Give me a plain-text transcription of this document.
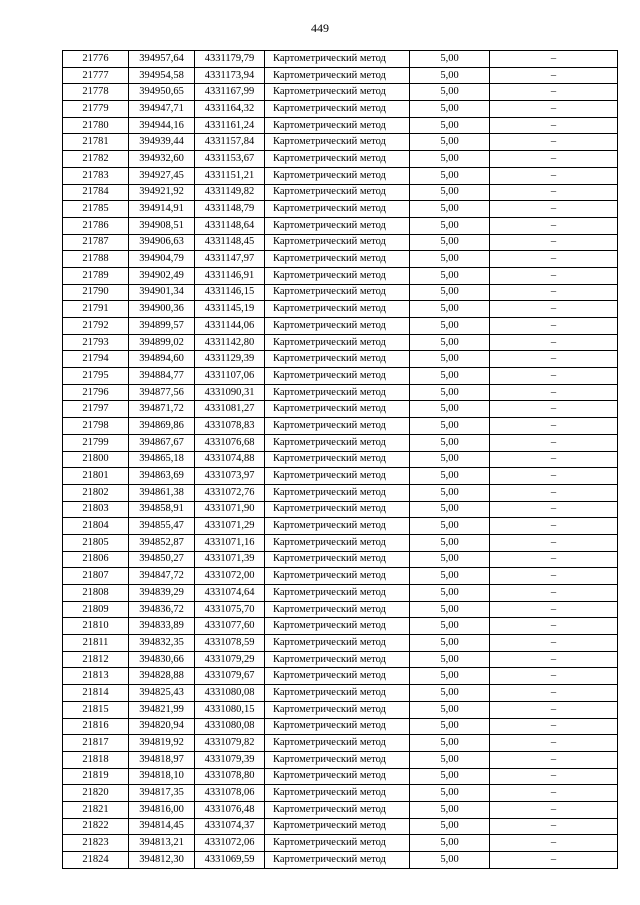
449
21776	394957,64	4331179,79	Картометрический метод	5,00	–
21777	394954,58	4331173,94	Картометрический метод	5,00	–
21778	394950,65	4331167,99	Картометрический метод	5,00	–
21779	394947,71	4331164,32	Картометрический метод	5,00	–
21780	394944,16	4331161,24	Картометрический метод	5,00	–
21781	394939,44	4331157,84	Картометрический метод	5,00	–
21782	394932,60	4331153,67	Картометрический метод	5,00	–
21783	394927,45	4331151,21	Картометрический метод	5,00	–
21784	394921,92	4331149,82	Картометрический метод	5,00	–
21785	394914,91	4331148,79	Картометрический метод	5,00	–
21786	394908,51	4331148,64	Картометрический метод	5,00	–
21787	394906,63	4331148,45	Картометрический метод	5,00	–
21788	394904,79	4331147,97	Картометрический метод	5,00	–
21789	394902,49	4331146,91	Картометрический метод	5,00	–
21790	394901,34	4331146,15	Картометрический метод	5,00	–
21791	394900,36	4331145,19	Картометрический метод	5,00	–
21792	394899,57	4331144,06	Картометрический метод	5,00	–
21793	394899,02	4331142,80	Картометрический метод	5,00	–
21794	394894,60	4331129,39	Картометрический метод	5,00	–
21795	394884,77	4331107,06	Картометрический метод	5,00	–
21796	394877,56	4331090,31	Картометрический метод	5,00	–
21797	394871,72	4331081,27	Картометрический метод	5,00	–
21798	394869,86	4331078,83	Картометрический метод	5,00	–
21799	394867,67	4331076,68	Картометрический метод	5,00	–
21800	394865,18	4331074,88	Картометрический метод	5,00	–
21801	394863,69	4331073,97	Картометрический метод	5,00	–
21802	394861,38	4331072,76	Картометрический метод	5,00	–
21803	394858,91	4331071,90	Картометрический метод	5,00	–
21804	394855,47	4331071,29	Картометрический метод	5,00	–
21805	394852,87	4331071,16	Картометрический метод	5,00	–
21806	394850,27	4331071,39	Картометрический метод	5,00	–
21807	394847,72	4331072,00	Картометрический метод	5,00	–
21808	394839,29	4331074,64	Картометрический метод	5,00	–
21809	394836,72	4331075,70	Картометрический метод	5,00	–
21810	394833,89	4331077,60	Картометрический метод	5,00	–
21811	394832,35	4331078,59	Картометрический метод	5,00	–
21812	394830,66	4331079,29	Картометрический метод	5,00	–
21813	394828,88	4331079,67	Картометрический метод	5,00	–
21814	394825,43	4331080,08	Картометрический метод	5,00	–
21815	394821,99	4331080,15	Картометрический метод	5,00	–
21816	394820,94	4331080,08	Картометрический метод	5,00	–
21817	394819,92	4331079,82	Картометрический метод	5,00	–
21818	394818,97	4331079,39	Картометрический метод	5,00	–
21819	394818,10	4331078,80	Картометрический метод	5,00	–
21820	394817,35	4331078,06	Картометрический метод	5,00	–
21821	394816,00	4331076,48	Картометрический метод	5,00	–
21822	394814,45	4331074,37	Картометрический метод	5,00	–
21823	394813,21	4331072,06	Картометрический метод	5,00	–
21824	394812,30	4331069,59	Картометрический метод	5,00	–
